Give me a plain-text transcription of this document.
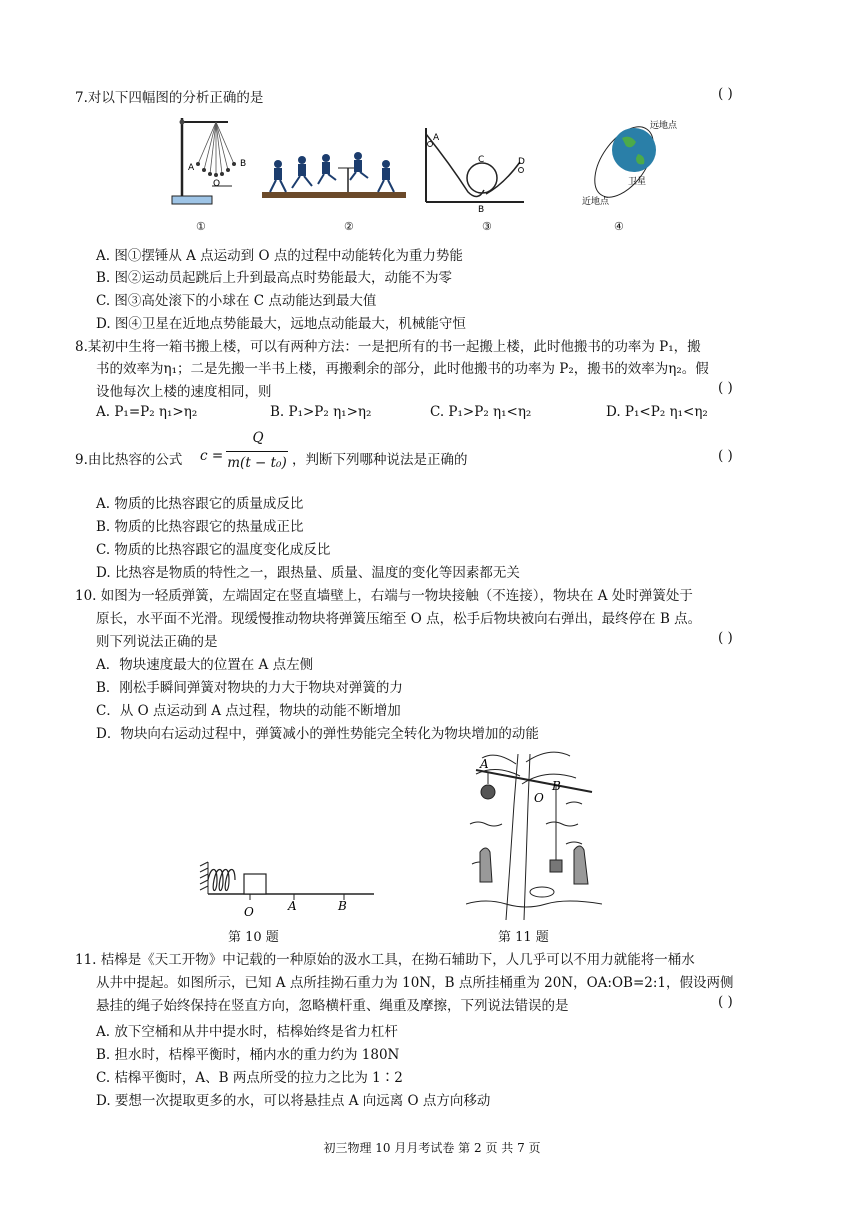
7.对以下四幅图的分析正确的是	( )
A
O
B
①	②
A
B
C	D
③
远地点
卫星
近地点
④
A. 图①摆锤从 A 点运动到 O 点的过程中动能转化为重力势能
B. 图②运动员起跳后上升到最高点时势能最大，动能不为零
C. 图③高处滚下的小球在 C 点动能达到最大值
D. 图④卫星在近地点势能最大，远地点动能最大，机械能守恒
8.某初中生将一箱书搬上楼，可以有两种方法：一是把所有的书一起搬上楼，此时他搬书的功率为 P₁，搬
书的效率为η₁；二是先搬一半书上楼，再搬剩余的部分，此时他搬书的功率为 P₂，搬书的效率为η₂。假
设他每次上楼的速度相同，则	( )
A. P₁=P₂ η₁>η₂	B. P₁>P₂ η₁>η₂	C. P₁>P₂ η₁<η₂	D. P₁<P₂ η₁<η₂
9.由比热容的公式 c =
Q
m(t − t₀) ，判断下列哪种说法是正确的	( )
A. 物质的比热容跟它的质量成反比
B. 物质的比热容跟它的热量成正比
C. 物质的比热容跟它的温度变化成反比
D. 比热容是物质的特性之一，跟热量、质量、温度的变化等因素都无关
10. 如图为一轻质弹簧，左端固定在竖直墙壁上，右端与一物块接触（不连接），物块在 A 处时弹簧处于
原长，水平面不光滑。现缓慢推动物块将弹簧压缩至 O 点，松手后物块被向右弹出，最终停在 B 点。
则下列说法正确的是	( )
A．物块速度最大的位置在 A 点左侧
B．刚松手瞬间弹簧对物块的力大于物块对弹簧的力
C．从 O 点运动到 A 点过程，物块的动能不断增加
D．物块向右运动过程中，弹簧减小的弹性势能完全转化为物块增加的动能
O	A	B
第 10 题
A
B
O
第 11 题
11. 桔槔是《天工开物》中记载的一种原始的汲水工具，在拗石辅助下，人几乎可以不用力就能将一桶水
从井中提起。如图所示，已知 A 点所挂拗石重力为 10N，B 点所挂桶重为 20N，OA:OB=2:1，假设两侧
悬挂的绳子始终保持在竖直方向，忽略横杆重、绳重及摩擦，下列说法错误的是	( )
A. 放下空桶和从井中提水时，桔槔始终是省力杠杆
B. 担水时，桔槔平衡时，桶内水的重力约为 180N
C. 桔槔平衡时，A、B 两点所受的拉力之比为 1∶2
D. 要想一次提取更多的水，可以将悬挂点 A 向远离 O 点方向移动
初三物理 10 月月考试卷 第 2 页 共 7 页
